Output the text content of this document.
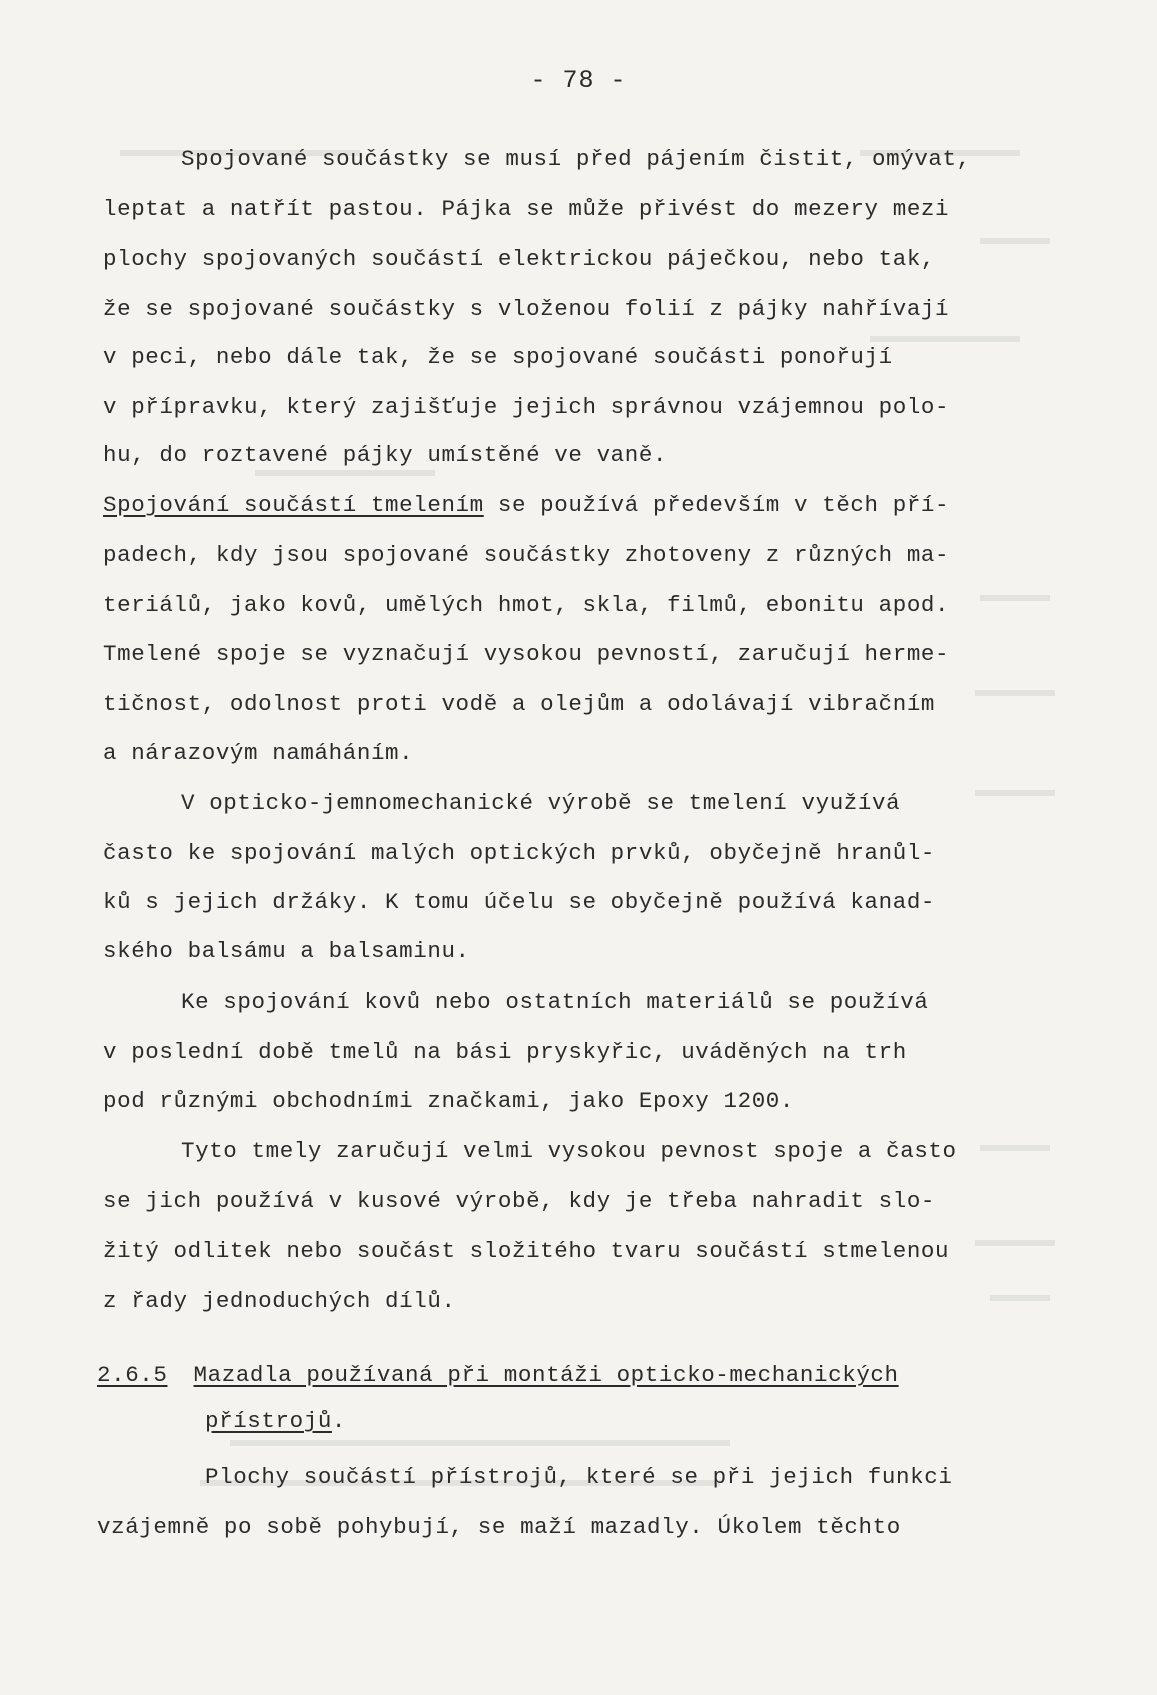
- 78 -
Spojované součástky se musí před pájením čistit, omývat,
leptat a natřít pastou. Pájka se může přivést do mezery mezi
plochy spojovaných součástí elektrickou páječkou, nebo tak,
že se spojované součástky s vloženou folií z pájky nahřívají
v peci, nebo dále tak, že se spojované součásti ponořují
v přípravku, který zajišťuje jejich správnou vzájemnou polo-
hu, do roztavené pájky umístěné ve vaně.
Spojování součástí tmelením se používá především v těch pří-
padech, kdy jsou spojované součástky zhotoveny z různých ma-
teriálů, jako kovů, umělých hmot, skla, filmů, ebonitu apod.
Tmelené spoje se vyznačují vysokou pevností, zaručují herme-
tičnost, odolnost proti vodě a olejům a odolávají vibračním
a nárazovým namáháním.
V opticko-jemnomechanické výrobě se tmelení využívá
často ke spojování malých optických prvků, obyčejně hranůl-
ků s jejich držáky. K tomu účelu se obyčejně používá kanad-
ského balsámu a balsaminu.
Ke spojování kovů nebo ostatních materiálů se používá
v poslední době tmelů na bási pryskyřic, uváděných na trh
pod různými obchodními značkami, jako Epoxy 1200.
Tyto tmely zaručují velmi vysokou pevnost spoje a často
se jich používá v kusové výrobě, kdy je třeba nahradit slo-
žitý odlitek nebo součást složitého tvaru součástí stmelenou
z řady jednoduchých dílů.
2.6.5 Mazadla používaná při montáži opticko-mechanických
přístrojů.
Plochy součástí přístrojů, které se při jejich funkci
vzájemně po sobě pohybují, se maží mazadly. Úkolem těchto
